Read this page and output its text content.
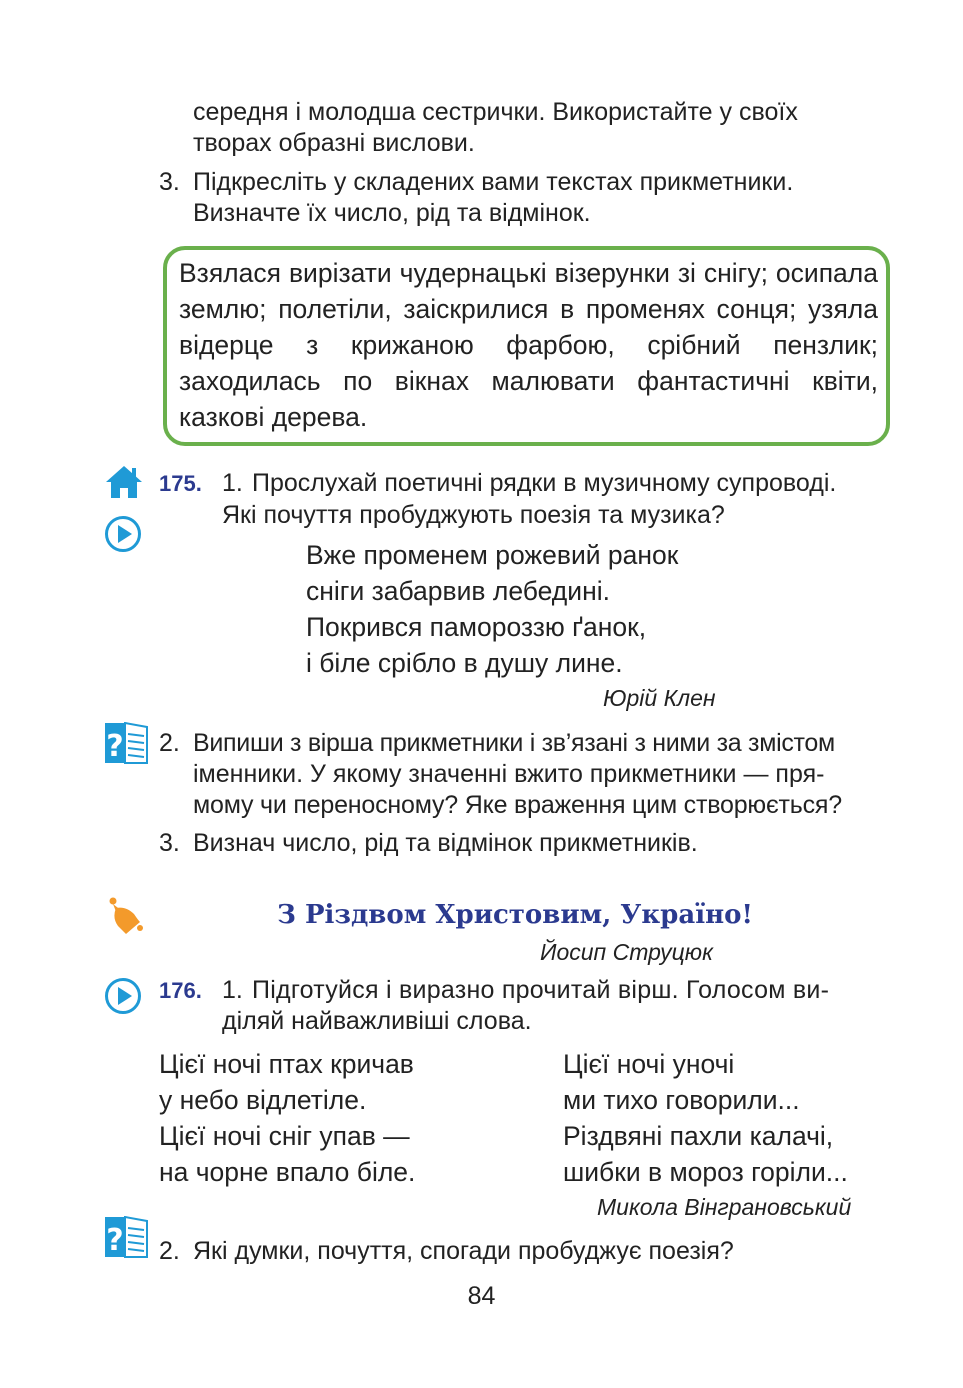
середня і молодша сестрички. Використайте у своїх
творах образні вислови.
3. Підкресліть у складених вами текстах прикметники.
Визначте їх число, рід та відмінок.
Взялася вирізати чудернацькі візерунки зі снігу; осипала землю; полетіли, заіскрилися в променях сонця; узяла відерце з крижаною фарбою, срібний пензлик; заходилась по вікнах малювати фантастичні квіти, казкові дерева.
175. 1. Прослухай поетичні рядки в музичному супроводі.
Які почуття пробуджують поезія та музика?
Вже променем рожевий ранок
сніги забарвив лебедині.
Покрився памороззю ґанок,
і біле срібло в душу лине.
Юрій Клен
? 2. Випиши з вірша прикметники і зв’язані з ними за змістом
іменники. У якому значенні вжито прикметники — пря-
мому чи переносному? Яке враження цим створюється?
3. Визнач число, рід та відмінок прикметників.
З Різдвом Христовим, Україно!
Йосип Струцюк
176. 1. Підготуйся і виразно прочитай вірш. Голосом ви-
діляй найважливіші слова.
Цієї ночі птах кричав
у небо відлетіле.
Цієї ночі сніг упав —
на чорне впало біле.
Цієї ночі уночі
ми тихо говорили...
Різдвяні пахли калачі,
шибки в мороз горіли...
Микола Вінграновський
? 2. Які думки, почуття, спогади пробуджує поезія?
84
